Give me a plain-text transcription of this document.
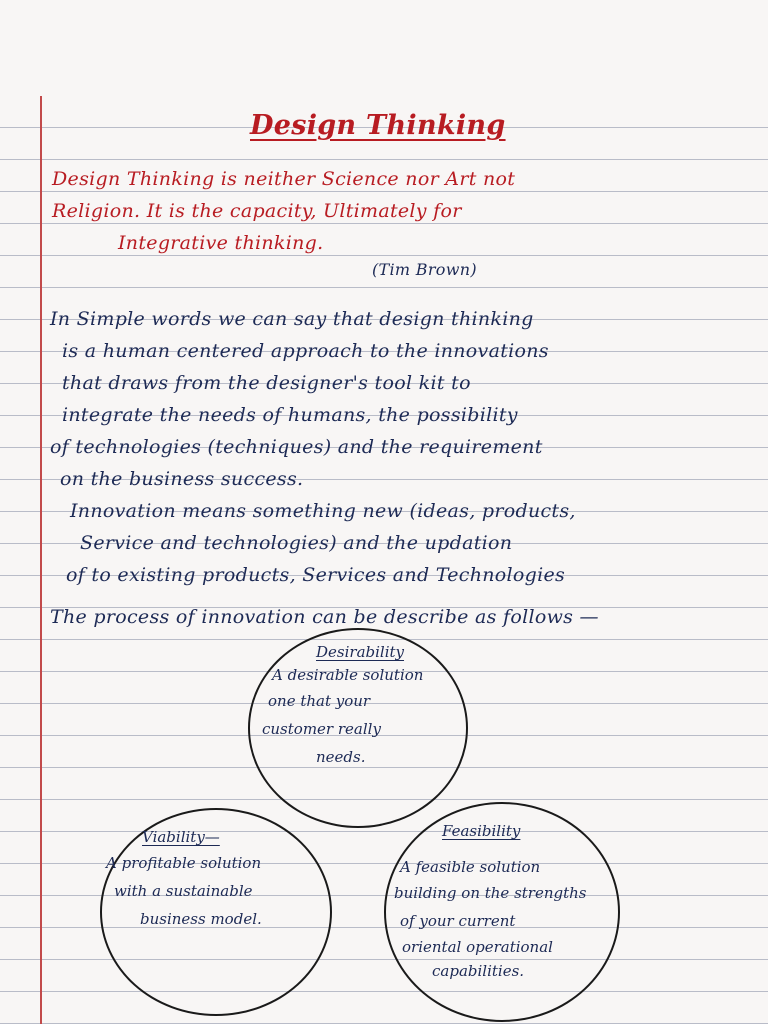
Design Thinking
Design Thinking is neither Science nor Art not
Religion. It is the capacity, Ultimately for
Integrative thinking.
(Tim Brown)
In Simple words we can say that design thinking
is a human centered approach to the innovations
that draws from the designer's tool kit to
integrate the needs of humans, the possibility
of technologies (techniques) and the requirement
on the business success.
Innovation means something new (ideas, products,
Service and technologies) and the updation
of to existing products, Services and Technologies
The process of innovation can be describe as follows —
Desirability
A desirable solution
one that your
customer really
needs.
Viability—
A profitable solution
with a sustainable
business model.
Feasibility
A feasible solution
building on the strengths
of your current
oriental operational
capabilities.
